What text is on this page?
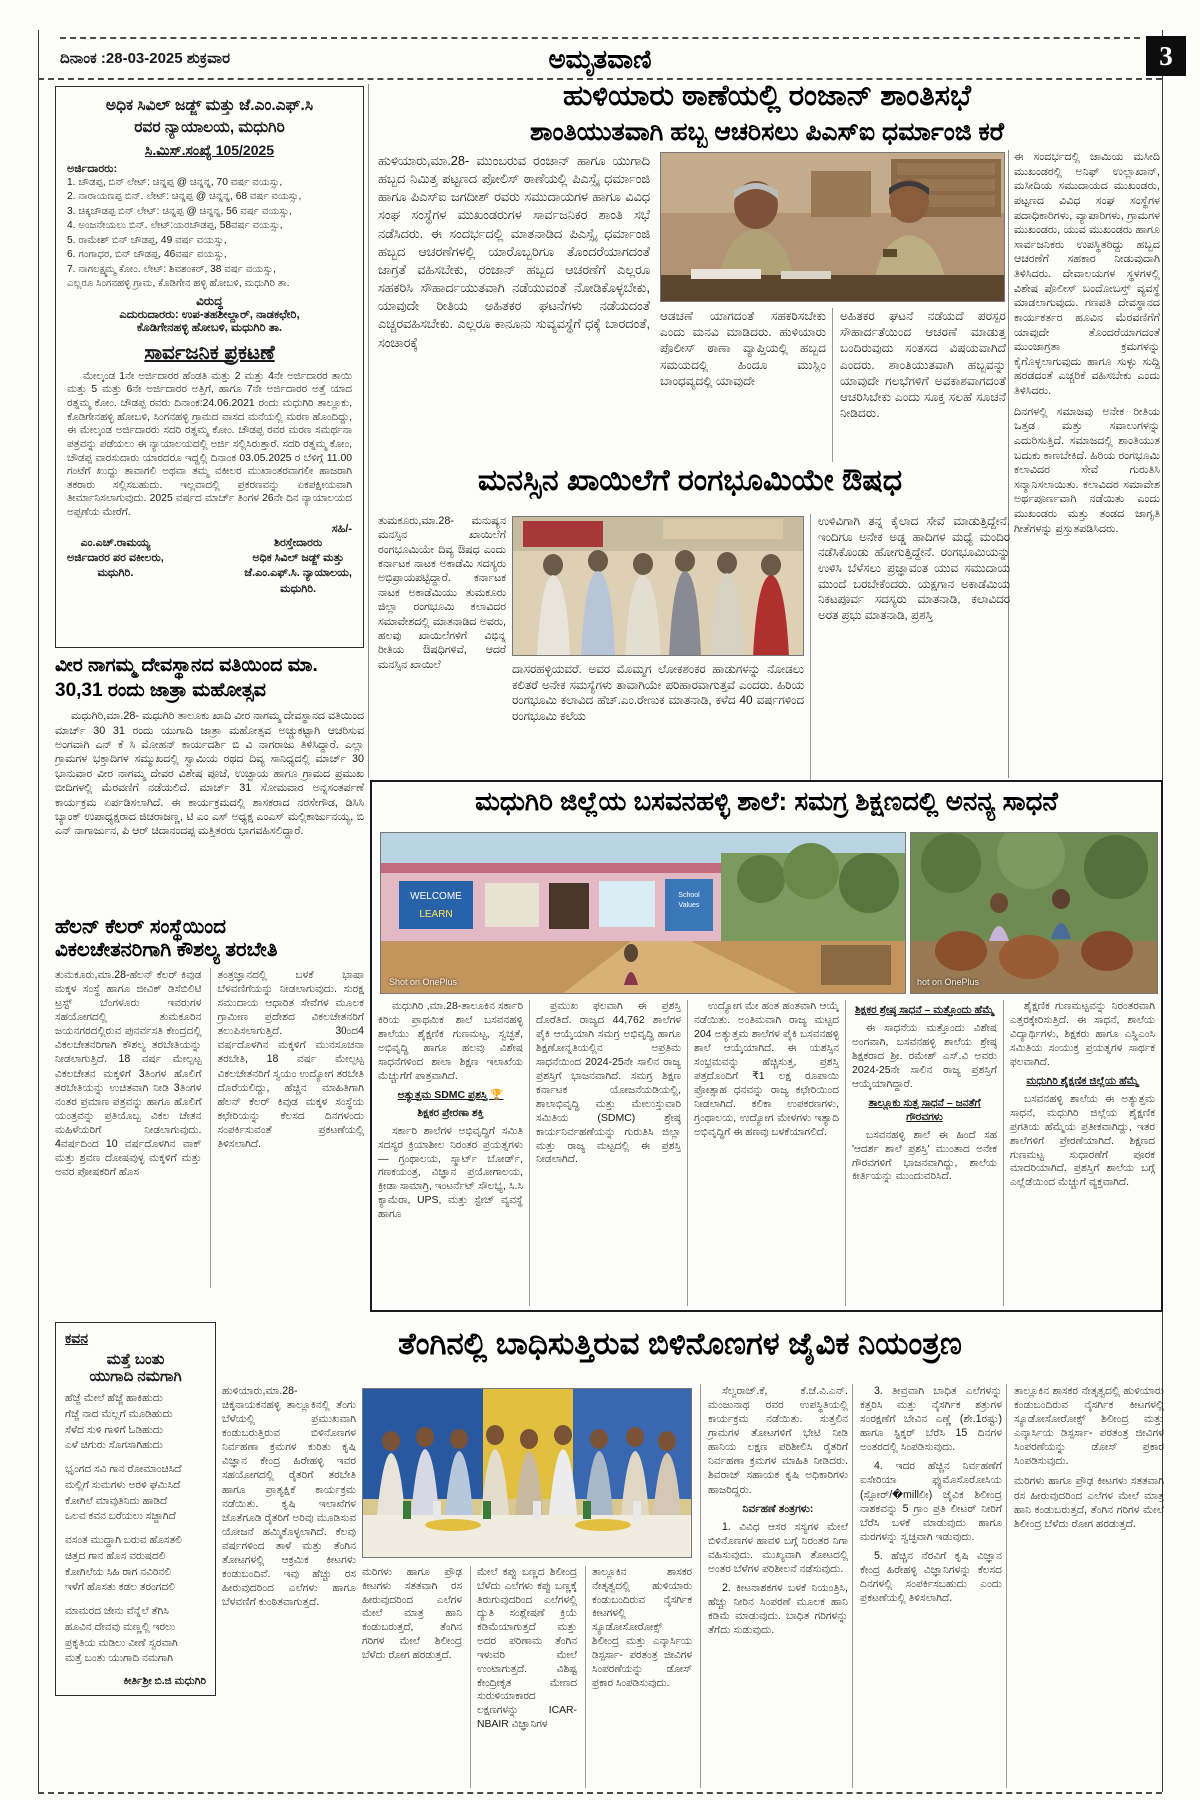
ದಿನಾಂಕ :28-03-2025 ಶುಕ್ರವಾರ	ಅಮೃತವಾಣಿ	3
ಅಧಿಕ ಸಿವಿಲ್ ಜಡ್ಜ್ ಮತ್ತು ಜೆ.ಎಂ.ಎಫ್.ಸಿ
ರವರ ನ್ಯಾಯಾಲಯ, ಮಧುಗಿರಿ
ಸಿ.ಮಿಸ್.ಸಂಖ್ಯೆ 105/2025
ಅರ್ಜಿದಾರರು:
1. ಚೌಡಪ್ಪ, ಬಿನ್ ಲೇಟ್: ಚಿನ್ನಪ್ಪ @ ಚಿನ್ನನ್ನ, 70 ವರ್ಷ ವಯಸ್ಸು,
2. ನಾರಾಯಣಪ್ಪ ಬಿನ್. ಲೇಟ್: ಚಿನ್ನಪ್ಪ @ ಚಿನ್ನನ್ನ, 68 ವರ್ಷ ವಯಸ್ಸು,
3. ಚಿಕ್ಕಚೌಡಪ್ಪ ಬಿನ್ ಲೇಟ್: ಚಿನ್ನಪ್ಪ @ ಚಿನ್ನನ್ನ, 56 ವರ್ಷ ವಯಸ್ಸು,
4. ಅಂಜನೇಯಲು ಬಿನ್. ಲೇಟ್:ಯರಚೌಡಪ್ಪ, 58ವರ್ಷ ವಯಸ್ಸು,
5. ರಾಮೇಶ್ ಬಿನ್ ಚೌಡಪ್ಪ, 49 ವರ್ಷ ವಯಸ್ಸು,
6. ಗಂಗಾಧರ, ಬಿನ್ ಚೌಡಪ್ಪ, 46ವರ್ಷ ವಯಸ್ಸು,
7. ನಾಗಲಕ್ಷ್ಮಮ್ಮ ಕೋಂ. ಲೇಟ್: ಶಿವಶಂಕರ್, 38 ವರ್ಷ ವಯಸ್ಸು,
ಎಲ್ಲರೂ ಸಿಂಗನಹಳ್ಳಿ ಗ್ರಾಮ, ಕೊಡಿಗೇನ ಹಳ್ಳಿ ಹೋಬಳಿ, ಮಧುಗಿರಿ ತಾ.
ವಿರುದ್ಧ
ಎದುರುದಾರರು: ಉಪ-ತಹಶೀಲ್ದಾರ್, ನಾಡಕಛೇರಿ,
ಕೊಡಿಗೇನಹಳ್ಳಿ ಹೋಬಳಿ, ಮಧುಗಿರಿ ತಾ.
ಸಾರ್ವಜನಿಕ ಪ್ರಕಟಣೆ
ಮೇಲ್ಕಂಡ 1ನೇ ಅರ್ಜಿದಾರರ ಹೆಂಡತಿ ಮತ್ತು 2 ಮತ್ತು 4ನೇ ಅರ್ಜಿದಾರರ ತಾಯಿ ಮತ್ತು 5 ಮತ್ತು 6ನೇ ಅರ್ಜಿದಾರರ ಅತ್ತಿಗೆ, ಹಾಗೂ 7ನೇ ಅರ್ಜಿದಾರರ ಅತ್ತೆ ಯಾದ ರತ್ನಮ್ಮ ಕೋಂ. ಚೌಡಪ್ಪ ರವರು ದಿನಾಂಕ:24.06.2021 ರಂದು ಮಧುಗಿರಿ ತಾಲ್ಲೂಕು, ಕೊಡಿಗೇನಹಳ್ಳಿ ಹೋಬಳಿ, ಸಿಂಗನಹಳ್ಳಿ ಗ್ರಾಮದ ವಾಸದ ಮನೆಯಲ್ಲಿ ಮರಣ ಹೊಂದಿದ್ದು, ಈ ಮೇಲ್ಕಂಡ ಅರ್ಜಿದಾರರು ಸದರಿ ರತ್ನಮ್ಮ ಕೋಂ. ಚೌಡಪ್ಪ ರವರ ಮರಣ ಸಮರ್ಥನಾ ಪತ್ರವನ್ನು ಪಡೆಯಲು ಈ ನ್ಯಾಯಾಲಯದಲ್ಲಿ ಅರ್ಜಿ ಸಲ್ಲಿಸಿರುತ್ತಾರೆ. ಸದರಿ ರತ್ನಮ್ಮ ಕೋಂ, ಚೌಡಪ್ಪ ವಾರಸುದಾರು ಯಾರದರೂ ಇದ್ದಲ್ಲಿ ದಿನಾಂಕ 03.05.2025 ರ ಬೆಳಿಗ್ಗೆ 11.00 ಗಂಟೆಗೆ ಖುದ್ದು ತಾವಾಗಲಿ ಅಥವಾ ತಮ್ಮ ವಕೀಲರ ಮುಖಾಂತರವಾಗಲೀ ಹಾಜರಾಗಿ ತಕರಾರು ಸಲ್ಲಿಸಬಹುದು. ಇಲ್ಲವಾದಲ್ಲಿ ಪ್ರಕರಣವನ್ನು ಏಕಪಕ್ಷೀಯವಾಗಿ ತೀರ್ಮಾನಿಸಲಾಗುವುದು. 2025 ವರ್ಷದ ಮಾರ್ಚ್ ತಿಂಗಳ 26ನೇ ದಿನ ನ್ಯಾಯಾಲಯದ ಅಪ್ಪಣೆಯ ಮೇರೆಗೆ.
ಸಹಿ/-
ಎಂ.ಎಚ್.ರಾಮಯ್ಯ
ಅರ್ಜಿದಾರರ ಪರ ವಕೀಲರು,
ಮಧುಗಿರಿ.
ಶಿರಸ್ತೇದಾರರು
ಅಧಿಕ ಸಿವಿಲ್ ಜಡ್ಜ್ ಮತ್ತು
ಜೆ.ಎಂ.ಎಫ್.ಸಿ. ನ್ಯಾಯಾಲಯ,
ಮಧುಗಿರಿ.
ವೀರ ನಾಗಮ್ಮ ದೇವಸ್ಥಾನದ ವತಿಯಿಂದ ಮಾ. 30,31 ರಂದು ಜಾತ್ರಾ ಮಹೋತ್ಸವ
ಮಧುಗಿರಿ,ಮಾ.28- ಮಧುಗಿರಿ ತಾಲೂಕು ಖಾದಿ ವೀರ ನಾಗಮ್ಮ ದೇವಸ್ಥಾನದ ವತಿಯಿಂದ ಮಾರ್ಚ್ 30 31 ರಂದು ಯುಗಾದಿ ಜಾತ್ರಾ ಮಹೋತ್ಸವ ಅಚ್ಚುಕಟ್ಟಾಗಿ ಆಚರಿಸುವ ಅಂಗವಾಗಿ ಎನ್ ಕೆ ಸಿ ಮೋಹನ್ ಕಾರ್ಯದರ್ಶಿ ಬಿ ವಿ ನಾಗರಾಜು ತಿಳಿಸಿದ್ದಾರೆ. ಎಲ್ಲಾ ಗ್ರಾಮಗಳ ಭಕ್ತಾದಿಗಳ ಸಮ್ಮುಖದಲ್ಲಿ ಸ್ವಾಮಿಯ ರಥದ ದಿವ್ಯ ಸಾನಿಧ್ಯದಲ್ಲಿ ಮಾರ್ಚ್ 30 ಭಾನುವಾರ ವೀರ ನಾಗಮ್ಮ ದೇವರ ವಿಶೇಷ ಪೂಜೆ, ಉಚ್ಛಾಯ ಹಾಗೂ ಗ್ರಾಮದ ಪ್ರಮುಖ ಬೀದಿಗಳಲ್ಲಿ ಮೆರವಣಿಗೆ ನಡೆಯಲಿದೆ. ಮಾರ್ಚ್ 31 ಸೋಮವಾರ ಅನ್ನಸಂತರ್ಪಣೆ ಕಾರ್ಯಕ್ರಮ ಏರ್ಪಡಿಸಲಾಗಿದೆ. ಈ ಕಾರ್ಯಕ್ರಮದಲ್ಲಿ ಶಾಸಕರಾದ ನರಸೇಗೌಡ, ಡಿಸಿಸಿ ಬ್ಯಾಂಕ್ ಉಪಾಧ್ಯಕ್ಷರಾದ ಜಿಚರಾಜಣ್ಣ, ಟಿ ಎಂ ಎಸ್ ಅಧ್ಯಕ್ಷ ಎಂಎಸ್ ಮಲ್ಲಿಕಾರ್ಜುನಯ್ಯ, ಬಿ ಎನ್ ನಾಗಾರ್ಜುನ, ಪಿ ಆರ್ ಚಿದಾನಂದಪ್ಪ ಮತ್ತಿತರರು ಭಾಗವಹಿಸಲಿದ್ದಾರೆ.
ಹೆಲನ್ ಕೆಲರ್ ಸಂಸ್ಥೆಯಿಂದ
ವಿಕಲಚೇತನರಿಗಾಗಿ ಕೌಶಲ್ಯ ತರಬೇತಿ
ತುಮಕೂರು,ಮಾ.28-ಹೆಲನ್ ಕೆಲರ್ ಕಿವುಡ ಮಕ್ಕಳ ಸಂಸ್ಥೆ ಹಾಗೂ ಜೀವಿಕ್ ಡಿಸೆಬಿಲಿಟಿ ಟ್ರಸ್ಟ್ ಬೆಂಗಳೂರು ಇವರುಗಳ ಸಹಯೋಗದಲ್ಲಿ ತುಮಕೂರಿನ ಜಯನಗರದಲ್ಲಿರುವ ಪುನರ್ವಸತಿ ಕೇಂದ್ರದಲ್ಲಿ ವಿಕಲಚೇತನರಿಗಾಗಿ ಕೌಶಲ್ಯ ತರಬೇತಿಯನ್ನು ನೀಡಲಾಗುತ್ತಿದೆ. 18 ವರ್ಷ ಮೇಲ್ಪಟ್ಟ ವಿಕಲಚೇತನ ಮಕ್ಕಳಿಗೆ 3ತಿಂಗಳ ಹೊಲಿಗೆ ತರಬೇತಿಯನ್ನು ಉಚಿತವಾಗಿ ನೀಡಿ 3ತಿಂಗಳ ನಂತರ ಪ್ರಮಾಣ ಪತ್ರವನ್ನು ಹಾಗೂ ಹೊಲಿಗೆ ಯಂತ್ರವನ್ನು ಪ್ರತಿಯೊಬ್ಬ ವಿಕಲ ಚೇತನ ಮಹಿಳೆಯರಿಗೆ ನೀಡಲಾಗುವುದು. 4ವರ್ಷದಿಂದ 10 ವರ್ಷದೊಳಗಿನ ವಾಕ್ ಮತ್ತು ಶ್ರವಣ ದೋಷವುಳ್ಳ ಮಕ್ಕಳಿಗೆ ಮತ್ತು ಅವರ ಪೋಷಕರಿಗೆ ಹೊಸ
ತಂತ್ರಜ್ಞಾನದಲ್ಲಿ ಬಳಕೆ ಭಾಷಾ ಬೆಳವಣಿಗೆಯನ್ನು ನೀಡಲಾಗುವುದು. ಸುರಕ್ಷ ಸಮುದಾಯ ಆಧಾರಿತ ಸೇವೆಗಳ ಮೂಲಕ ಗ್ರಾಮೀಣ ಪ್ರದೇಶದ ವಿಕಲಚೇತನರಿಗೆ ತಲುಪಿಸಲಾಗುತ್ತಿದೆ. 30ಂದ4 ವರ್ಷದೊಳಗಿನ ಮಕ್ಕಳಿಗೆ ಮುನಸೂಚನಾ ತರಬೇತಿ, 18 ವರ್ಷ ಮೇಲ್ಪಟ್ಟ ವಿಕಲಚೇತನರಿಗೆ ಸ್ವಯಂ ಉದ್ಯೋಗ ತರಬೇತಿ ದೊರೆಯಲಿದ್ದು, ಹೆಚ್ಚಿನ ಮಾಹಿತಿಗಾಗಿ ಹೆಲನ್ ಕೆಲರ್ ಕಿವುಡ ಮಕ್ಕಳ ಸಂಸ್ಥೆಯ ಕಛೇರಿಯನ್ನು ಕೆಲಸದ ದಿನಗಳಂದು ಸಂಪರ್ಕಿಸುವಂತೆ ಪ್ರಕಟಣೆಯಲ್ಲಿ ತಿಳಿಸಲಾಗಿದೆ.
ಕವನ
ಮತ್ತೆ ಬಂತು
ಯುಗಾದಿ ನಮಗಾಗಿ
ಹೆಜ್ಜೆ ಮೇಲೆ ಹೆಜ್ಜೆ ಹಾಕಿಹುದು
ಗೆಜ್ಜೆ ನಾದ ಮೆಲ್ಲಗೆ ಮೂಡಿಹುದು
ಸೆಳೆದ ಸುಳಿ ಗಾಳಿಗೆ ಓಡಿಹುದು
ಎಳೆ ಚಿಗುರು ಸೊಗಸಾಗಿಹುದು
ಭೃಂಗದ ಸವಿ ಗಾನ ರೋಮಾಂಚಿಸಿದೆ
ಮಲ್ಲಿಗೆ ಸುಮಗಳು ಅರಳಿ ಘಮಿಸಿದೆ
ಕೋಗಿಲೆ ಮಾವುತಿನಿದು ಹಾಡಿದೆ
ಒಲವ ಕವನ ಬರೆಯಲು ಸಜ್ಜಾಗಿದೆ
ವಸಂತ ಮುದ್ದಾಗಿ ಬರುವ ಹೊಸತಲಿ
ಚಿತ್ತದ ಗಾನ ಹೊಸ ವರುಷದಲಿ
ಕೋಗಿಲೆಯ ಸಿಹಿ ರಾಗ ನವಿರಿನಲಿ
ಇಳೆಗೆ ಹೊಸತು ಕಡಲ ತರಂಗದಲಿ
ಮಾಮರದ ಜೇನು ವೆನ್ನೆಲೆ ತೆಗಿಸಿ
ಹೂವಿನ ದೇವವು ಮಣ್ಣಲ್ಲಿ ಇರಲು
ಪ್ರಕೃತಿಯ ಮಡಿಲು ವೀಣೆ ಸ್ವರವಾಗಿ
ಮತ್ತೆ ಬಂತು ಯುಗಾದಿ ನಮಗಾಗಿ
ಕೀರ್ತಿಶ್ರೀ ಬಿ.ಜಿ ಮಧುಗಿರಿ
ಹುಳಿಯಾರು ಠಾಣೆಯಲ್ಲಿ ರಂಜಾನ್ ಶಾಂತಿಸಭೆ
ಶಾಂತಿಯುತವಾಗಿ ಹಬ್ಬ ಆಚರಿಸಲು ಪಿಎಸ್ಐ ಧರ್ಮಾಂಜಿ ಕರೆ
ಹುಳಿಯಾರು,ಮಾ.28- ಮುಂಬರುವ ರಂಜಾನ್ ಹಾಗೂ ಯುಗಾದಿ ಹಬ್ಬದ ನಿಮಿತ್ತ ಪಟ್ಟಣದ ಪೋಲಿಸ್ ಠಾಣೆಯಲ್ಲಿ ಪಿಎಸ್ಸೈ ಧರ್ಮಾಂಜಿ ಹಾಗೂ ಪಿಎಸ್ಐ ಜಗದೀಶ್ ರವರು ಸಮುದಾಯಗಳ ಹಾಗೂ ವಿವಿಧ ಸಂಘ ಸಂಸ್ಥೆಗಳ ಮುಖಂಡರುಗಳ ಸಾರ್ವಜನಿಕರ ಶಾಂತಿ ಸಭೆ ನಡೆಸಿದರು. ಈ ಸಂದರ್ಭದಲ್ಲಿ ಮಾತನಾಡಿದ ಪಿಎಸ್ಸೈ ಧರ್ಮಾಂಜಿ ಹಬ್ಬದ ಆಚರಣೆಗಳಲ್ಲಿ ಯಾರೊಬ್ಬರಿಗೂ ತೊಂದರೆಯಾಗದಂತೆ ಜಾಗ್ರತೆ ವಹಿಸಬೇಕು, ರಂಜಾನ್ ಹಬ್ಬದ ಆಚರಣೆಗೆ ಎಲ್ಲರೂ ಸಹಕರಿಸಿ ಸೌಹಾರ್ದಯುತವಾಗಿ ನಡೆಯುವಂತೆ ನೋಡಿಕೊಳ್ಳಬೇಕು, ಯಾವುದೇ ರೀತಿಯ ಅಹಿತಕರ ಘಟನೆಗಳು ನಡೆಯದಂತೆ ಎಚ್ಚರವಹಿಸಬೇಕು. ಎಲ್ಲರೂ ಕಾನೂನು ಸುವ್ಯವಸ್ಥೆಗೆ ಧಕ್ಕೆ ಬಾರದಂತೆ, ಸಂಚಾರಕ್ಕೆ
ಆಡಚಣೆ ಯಾಗದಂತೆ ಸಹಕರಿಸಬೇಕು ಎಂದು ಮನವಿ ಮಾಡಿದರು. ಹುಳಿಯಾರು ಪೊಲೀಸ್ ಠಾಣಾ ವ್ಯಾಪ್ತಿಯಲ್ಲಿ ಹಬ್ಬದ ಸಮಯದಲ್ಲಿ ಹಿಂದೂ ಮುಸ್ಲಿಂ ಬಾಂಧವ್ಯದಲ್ಲಿ ಯಾವುದೇ
ಅಹಿತಕರ ಘಟನೆ ನಡೆಯದೆ ಪರಸ್ಪರ ಸೌಹಾರ್ದತೆಯಿಂದ ಆಚರಣೆ ಮಾಡುತ್ತ ಬಂದಿರುವುದು ಸಂತಸದ ವಿಷಯವಾಗಿದೆ ಎಂದರು. ಶಾಂತಿಯುತವಾಗಿ ಹಬ್ಬವನ್ನು ಯಾವುದೇ ಗಲಭೆಗಳಿಗೆ ಅವಕಾಶವಾಗದಂತೆ ಆಚರಿಸಿಬೇಕು ಎಂದು ಸೂಕ್ತ ಸಲಹೆ ಸೂಚನೆ ನೀಡಿದರು.
ಈ ಸಂದರ್ಭದಲ್ಲಿ ಜಾಮಿಯ ಮಸೀದಿ ಮುಖಂಡರಲ್ಲಿ ಅನಿಫ್ ಉಲ್ಲಾಖಾನ್, ಮಸೀದಿಯ ಸಮುದಾಯದ ಮುಖಂಡರು, ಪಟ್ಟಣದ ವಿವಿಧ ಸಂಘ ಸಂಸ್ಥೆಗಳ ಪದಾಧಿಕಾರಿಗಳು, ವ್ಯಾಪಾರಿಗಳು, ಗ್ರಾಮಗಳ ಮುಖಂಡರು, ಯುವ ಮುಖಂಡರು ಹಾಗೂ ಸಾರ್ವಜನಿಕರು ಉಪಸ್ಥಿತರಿದ್ದು ಹಬ್ಬದ ಆಚರಣೆಗೆ ಸಹಕಾರ ನೀಡುವುದಾಗಿ ತಿಳಿಸಿದರು. ದೇವಾಲಯಗಳ ಸ್ಥಳಗಳಲ್ಲಿ ವಿಶೇಷ ಪೊಲೀಸ್ ಬಂದೋಬಸ್ತ್ ವ್ಯವಸ್ಥೆ ಮಾಡಲಾಗುವುದು. ಗಣಪತಿ ದೇವಸ್ಥಾನದ ಕಾರ್ಯಕರ್ತರ ಹೂವಿನ ಮೆರವಣಿಗೆಗೆ ಯಾವುದೇ ತೊಂದರೆಯಾಗದಂತೆ ಮುಂಜಾಗ್ರತಾ ಕ್ರಮಗಳನ್ನು ಕೈಗೊಳ್ಳಲಾಗುವುದು ಹಾಗೂ ಸುಳ್ಳು ಸುದ್ದಿ ಹರಡದಂತೆ ಎಚ್ಚರಿಕೆ ವಹಿಸಬೇಕು ಎಂದು ತಿಳಿಸಿದರು.
ದಿನಗಳಲ್ಲಿ ಸಮಾಜವು ಅನೇಕ ರೀತಿಯ ಒತ್ತಡ ಮತ್ತು ಸವಾಲುಗಳನ್ನು ಎದುರಿಸುತ್ತಿದೆ. ಸಮಾಜದಲ್ಲಿ ಶಾಂತಿಯುತ ಬದುಕು ಕಾಣಬೇಕಿದೆ. ಹಿರಿಯ ರಂಗಭೂಮಿ ಕಲಾವಿದರ ಸೇವೆ ಗುರುತಿಸಿ ಸನ್ಮಾನಿಸಲಾಯಿತು. ಕಲಾವಿದರ ಸಮಾವೇಶ ಅರ್ಥಪೂರ್ಣವಾಗಿ ನಡೆಯಿತು ಎಂದು ಮುಖಂಡರು ಮತ್ತು ತಂಡದ ಜಾಗೃತಿ ಗೀತೆಗಳನ್ನು ಪ್ರಸ್ತುತಪಡಿಸಿದರು.
ಮನಸ್ಸಿನ ಖಾಯಿಲೆಗೆ ರಂಗಭೂಮಿಯೇ ಔಷಧ
ತುಮಕೂರು,ಮಾ.28- ಮನುಷ್ಯನ ಮನಸ್ಸಿನ ಖಾಯಿಲೆಗೆ ರಂಗಭೂಮಿಯೇ ದಿವ್ಯ ಔಷಧ ಎಂದು ಕರ್ನಾಟಕ ನಾಟಕ ಅಕಾಡೆಮಿ ಸದಸ್ಯರು ಅಭಿಪ್ರಾಯಪಟ್ಟಿದ್ದಾರೆ. ಕರ್ನಾಟಕ ನಾಟಕ ಅಕಾಡೆಮಿಯು ತುಮಕೂರು ಜಿಲ್ಲಾ ರಂಗಭೂಮಿ ಕಲಾವಿದರ ಸಮಾವೇಶದಲ್ಲಿ ಮಾತನಾಡಿದ ಅವರು, ಹಲವು ಖಾಯಿಲೆಗಳಿಗೆ ವಿಭಿನ್ನ ರೀತಿಯ ಔಷಧಿಗಳಿವೆ, ಆದರೆ ಮನಸ್ಸಿನ ಖಾಯಿಲೆ	ದಾಸರಹಳ್ಳಿಯವರೆ. ಅವರ ಮೊಮ್ಮಗ ಲೋಕಶಂಕರ ಹಾಡುಗಳನ್ನು ನೋಡಲು ಕಲಿತರೆ ಅನೇಕ ಸಮಸ್ಯೆಗಳು ತಾವಾಗಿಯೇ ಪರಿಹಾರವಾಗುತ್ತವೆ ಎಂದರು. ಹಿರಿಯ ರಂಗಭೂಮಿ ಕಲಾವಿದ ಹೆಚ್.ಎಂ.ರೇಣುಕ ಮಾತನಾಡಿ, ಕಳೆದ 40 ವರ್ಷಗಳಿಂದ ರಂಗಭೂಮಿ ಕಲೆಯ
ಉಳಿವಿಗಾಗಿ ತನ್ನ ಕೈಲಾದ ಸೇವೆ ಮಾಡುತ್ತಿದ್ದೇನೆ. ಇಂದಿಗೂ ಅನೇಕ ಅಡ್ಡ ಹಾದಿಗಳ ಮಧ್ಯೆ ಮಂದಿರ ನಡೆಸಿಕೊಂಡು ಹೋಗುತ್ತಿದ್ದೇನೆ. ರಂಗಭೂಮಿಯನ್ನು ಉಳಿಸಿ ಬೆಳೆಸಲು ಪ್ರಜ್ಞಾವಂತ ಯುವ ಸಮುದಾಯ ಮುಂದೆ ಬರಬೇಕೆಂದರು. ಯಕ್ಷಗಾನ ಅಕಾಡೆಮಿಯ ನಿಕಟಪೂರ್ವ ಸದಸ್ಯರು ಮಾತನಾಡಿ, ಕಲಾವಿದರ ಅರತ ಪ್ರಭು ಮಾತನಾಡಿ, ಪ್ರಶಸ್ತಿ
ಮಧುಗಿರಿ ಜಿಲ್ಲೆಯ ಬಸವನಹಳ್ಳಿ ಶಾಲೆ: ಸಮಗ್ರ ಶಿಕ್ಷಣದಲ್ಲಿ ಅನನ್ಯ ಸಾಧನೆ
WELCOME
LEARN
School
Values
Shot on OnePlus	hot on OnePlus

ಮಧುಗಿರಿ ,ಮಾ.28-ತಾಲೂಕಿನ ಸರ್ಕಾರಿ ಕಿರಿಯ ಪ್ರಾಥಮಿಕ ಶಾಲೆ ಬಸವನಹಳ್ಳಿ ಶಾಲೆಯು ಶೈಕ್ಷಣಿಕ ಗುಣಮಟ್ಟ, ಸ್ವಚ್ಛತೆ, ಅಭಿವೃದ್ಧಿ ಹಾಗೂ ಹಲವು ವಿಶೇಷ ಸಾಧನೆಗಳಿಂದ ಶಾಲಾ ಶಿಕ್ಷಣ ಇಲಾಖೆಯ ಮೆಚ್ಚುಗೆಗೆ ಪಾತ್ರವಾಗಿದೆ.

ಅತ್ಯುತ್ತಮ SDMC ಪ್ರಶಸ್ತಿ 🏆
ಶಿಕ್ಷಕರ ಪ್ರೇರಣಾ ಶಕ್ತಿ

ಸರ್ಕಾರಿ ಶಾಲೆಗಳ ಅಭಿವೃದ್ಧಿಗೆ ಸಮಿತಿ ಸದಸ್ಯರ ಕ್ರಿಯಾಶೀಲ ನಿರಂತರ ಪ್ರಯತ್ನಗಳು — ಗ್ರಂಥಾಲಯ, ಸ್ಮಾರ್ಟ್ ಬೋರ್ಡ್, ಗಣಕಯಂತ್ರ, ವಿಜ್ಞಾನ ಪ್ರಯೋಗಾಲಯ, ಕ್ರೀಡಾ ಸಾಮಾಗ್ರಿ, ಇಂಟರ್ನೆಟ್ ಸೌಲಭ್ಯ, ಸಿ.ಸಿ ಕ್ಯಾಮೆರಾ, UPS, ಮತ್ತು ಸ್ಟೇಜ್ ವ್ಯವಸ್ಥೆ ಹಾಗೂ

ಪ್ರಮುಖ ಫಲವಾಗಿ ಈ ಪ್ರಶಸ್ತಿ ದೊರೆತಿದೆ. ರಾಜ್ಯದ 44,762 ಶಾಲೆಗಳ ಪೈಕಿ ಆಯ್ಕೆಯಾಗಿ ಸಮಗ್ರ ಅಭಿವೃದ್ಧಿ ಹಾಗೂ ಶಿಕ್ಷಣೋನ್ನತಿಯಲ್ಲಿನ ಅಪ್ರತಿಮ ಸಾಧನೆಯಿಂದ 2024-25ನೇ ಸಾಲಿನ ರಾಜ್ಯ ಪ್ರಶಸ್ತಿಗೆ ಭಾಜನವಾಗಿದೆ. ಸಮಗ್ರ ಶಿಕ್ಷಣ ಕರ್ನಾಟಕ ಯೋಜನೆಯಡಿಯಲ್ಲಿ, ಶಾಲಾಭಿವೃದ್ಧಿ ಮತ್ತು ಮೇಲುಸ್ತುವಾರಿ ಸಮಿತಿಯ (SDMC) ಶ್ರೇಷ್ಠ ಕಾರ್ಯನಿರ್ವಹಣೆಯನ್ನು ಗುರುತಿಸಿ ಜಿಲ್ಲಾ ಮತ್ತು ರಾಜ್ಯ ಮಟ್ಟದಲ್ಲಿ ಈ ಪ್ರಶಸ್ತಿ ನೀಡಲಾಗಿದೆ.

ಉದ್ಯೋಗ ಮೇ ಹಂತ ಹಂತವಾಗಿ ಆಯ್ಕೆ ನಡೆಯಿತು. ಅಂತಿಮವಾಗಿ ರಾಜ್ಯ ಮಟ್ಟದ 204 ಅತ್ಯುತ್ತಮ ಶಾಲೆಗಳ ಪೈಕಿ ಬಸವನಹಳ್ಳಿ ಶಾಲೆ ಆಯ್ಕೆಯಾಗಿದೆ. ಈ ಯಶಸ್ಸಿನ ಸಂಭ್ರಮವನ್ನು ಹೆಚ್ಚಿಸುತ್ತ, ಪ್ರಶಸ್ತಿ ಪತ್ರದೊಂದಿಗೆ ₹1 ಲಕ್ಷ ರೂಪಾಯಿ ಪ್ರೋತ್ಸಾಹ ಧನವನ್ನು ರಾಜ್ಯ ಕಛೇರಿಯಿಂದ ನೀಡಲಾಗಿದೆ. ಕಲಿಕಾ ಉಪಕರಣಗಳು, ಗ್ರಂಥಾಲಯ, ಉದ್ಯೋಗ ಮೇಳಗಳು ಇತ್ಯಾದಿ ಅಭಿವೃದ್ಧಿಗೆ ಈ ಹಣವು ಬಳಕೆಯಾಗಲಿದೆ.

ಶಿಕ್ಷಕರ ಶ್ರೇಷ್ಠ ಸಾಧನೆ – ಮತ್ತೊಂದು ಹೆಮ್ಮೆ

ಈ ಸಾಧನೆಯ ಮತ್ತೊಂದು ವಿಶೇಷ ಅಂಗವಾಗಿ, ಬಸವನಹಳ್ಳಿ ಶಾಲೆಯ ಶ್ರೇಷ್ಠ ಶಿಕ್ಷಕರಾದ ಶ್ರೀ. ರಮೇಶ್ ಎಸ್.ವಿ ಅವರು 2024-25ನೇ ಸಾಲಿನ ರಾಜ್ಯ ಪ್ರಶಸ್ತಿಗೆ ಆಯ್ಕೆಯಾಗಿದ್ದಾರೆ.

ತಾಲ್ಲೂಕು ಸುತ್ತ ಸಾಧನೆ – ಜನತೆಗೆ ಗೌರವಗಳು

ಬಸವನಹಳ್ಳಿ ಶಾಲೆ ಈ ಹಿಂದೆ ಸಹ 'ಆದರ್ಶ ಶಾಲೆ ಪ್ರಶಸ್ತಿ' ಮುಂತಾದ ಅನೇಕ ಗೌರವಗಳಿಗೆ ಭಾಜನವಾಗಿದ್ದು, ಶಾಲೆಯ ಕೀರ್ತಿಯನ್ನು ಮುಂದುವರಿಸಿದೆ.

ಶೈಕ್ಷಣಿಕ ಗುಣಮಟ್ಟವನ್ನು ನಿರಂತರವಾಗಿ ಎತ್ತರಕ್ಕೇರಿಸುತ್ತಿದೆ. ಈ ಸಾಧನೆ, ಶಾಲೆಯ ವಿದ್ಯಾರ್ಥಿಗಳು, ಶಿಕ್ಷಕರು ಹಾಗೂ ಎಸ್ಡಿಎಂಸಿ ಸಮಿತಿಯ ಸಂಯುಕ್ತ ಪ್ರಯತ್ನಗಳ ಸಾರ್ಥಕ ಫಲವಾಗಿದೆ.

ಮಧುಗಿರಿ ಶೈಕ್ಷಣಿಕ ಜಿಲ್ಲೆಯ ಹೆಮ್ಮೆ

ಬಸವನಹಳ್ಳಿ ಶಾಲೆಯ ಈ ಅತ್ಯುತ್ತಮ ಸಾಧನೆ, ಮಧುಗಿರಿ ಜಿಲ್ಲೆಯ ಶೈಕ್ಷಣಿಕ ಪ್ರಗತಿಯ ಹೆಮ್ಮೆಯ ಪ್ರತೀಕವಾಗಿದ್ದು, ಇತರ ಶಾಲೆಗಳಿಗೆ ಪ್ರೇರಣೆಯಾಗಿದೆ. ಶಿಕ್ಷಣದ ಗುಣಮಟ್ಟ ಸುಧಾರಣೆಗೆ ಪೂರಕ ಮಾದರಿಯಾಗಿದೆ. ಪ್ರಶಸ್ತಿಗೆ ಶಾಲೆಯ ಬಗ್ಗೆ ಎಲ್ಲೆಡೆಯಿಂದ ಮೆಚ್ಚುಗೆ ವ್ಯಕ್ತವಾಗಿದೆ.

ತೆಂಗಿನಲ್ಲಿ ಬಾಧಿಸುತ್ತಿರುವ ಬಿಳಿನೊಣಗಳ ಜೈವಿಕ ನಿಯಂತ್ರಣ
ಹುಳಿಯಾರು,ಮಾ.28- ಚಿಕ್ಕನಾಯಕನಹಳ್ಳಿ ತಾಲ್ಲೂಕಿನಲ್ಲಿ ತೆಂಗು ಬೆಳೆಯಲ್ಲಿ ಪ್ರಮುಖವಾಗಿ ಕಂಡುಬರುತ್ತಿರುವ ಬಿಳಿನೊಣಗಳ ನಿರ್ವಹಣಾ ಕ್ರಮಗಳ ಕುರಿತು ಕೃಷಿ ವಿಜ್ಞಾನ ಕೇಂದ್ರ ಹಿರೇಹಳ್ಳಿ ಇವರ ಸಹಯೋಗದಲ್ಲಿ ರೈತರಿಗೆ ತರಬೇತಿ ಹಾಗೂ ಪ್ರಾತ್ಯಕ್ಷಿಕೆ ಕಾರ್ಯಕ್ರಮ ನಡೆಯಿತು. ಕೃಷಿ ಇಲಾಖೆಗಳ ಜೊತೆಗೂಡಿ ರೈತರಿಗೆ ಅರಿವು ಮೂಡಿಸುವ ಯೋಜನೆ ಹಮ್ಮಿಕೊಳ್ಳಲಾಗಿದೆ. ಕೆಲವು ವರ್ಷಗಳಿಂದ ತಾಳೆ ಮತ್ತು ತೆಂಗಿನ ತೋಟಗಳಲ್ಲಿ ಆಕ್ರಮಿಕ ಕೀಟಗಳು ಕಂಡುಬಂದಿವೆ. ಇವು ಹೆಚ್ಚು ರಸ ಹೀರುವುದರಿಂದ ಎಲೆಗಳು ಹಾಗೂ ಬೆಳವಣಿಗೆ ಕುಂಠಿತವಾಗುತ್ತದೆ.
ಮರಿಗಳು ಹಾಗೂ ಪ್ರೌಢ ಕೀಟಗಳು ಸತತವಾಗಿ ರಸ ಹೀರುವುದರಿಂದ ಎಲೆಗಳ ಮೇಲೆ ಮಾತ್ರ ಹಾನಿ ಕಂಡುಬರುತ್ತದೆ, ತೆಂಗಿನ ಗರಿಗಳ ಮೇಲೆ ಶಿಲೀಂದ್ರ ಬೆಳೆದು ರೋಗ ಹರಡುತ್ತದೆ.
ಮೇಲೆ ಕಪ್ಪು ಬಣ್ಣದ ಶಿಲೀಂದ್ರ ಬೆಳೆದು ಎಲೆಗಳು ಕಪ್ಪು ಬಣ್ಣಕ್ಕೆ ತಿರುಗುವುದರಿಂದ ಎಲೆಗಳಲ್ಲಿ ದ್ಯುತಿ ಸಂಶ್ಲೇಷಣೆ ಕ್ರಿಯೆ ಕಡಿಮೆಯಾಗುತ್ತದೆ ಮತ್ತು ಅದರ ಪರಿಣಾಮ ತೆಂಗಿನ ಇಳುವರಿ ಮೇಲೆ ಉಂಟಾಗುತ್ತದೆ. ವಿಶಿಷ್ಟ ಕೇಂದ್ರೀಕೃತ ಮೇಣದ ಸುರುಳಿಯಾಕಾರದ ಲಕ್ಷಣಗಳನ್ನು ICAR-NBAIR ವಿಜ್ಞಾನಿಗಳ
ತಾಲ್ಲೂಕಿನ ಶಾಸಕರ ನೇತೃತ್ವದಲ್ಲಿ ಹುಳಿಯಾರು ಕಂಡುಬಂದಿರುವ ನೈಸರ್ಗಿಕ ಕೀಟಗಳಲ್ಲಿ ಸ್ಯೂಡೋಸೋರೋಕ್ಸ್ ಶಿಲೀಂದ್ರ ಮತ್ತು ಎನ್ಕಾರ್ಸಿಯ ಡಿಸ್ಪರ್ಸಾ- ಪರತಂತ್ರ ಜೀವಿಗಳ ಸಿಂಪರಣೆಯನ್ನು ಡೋಸ್ ಪ್ರಕಾರ ಸಿಂಪಡಿಸುವುದು.

ಸೆಲ್ವರಾಜ್.ಕೆ, ಕೆ.ಜೆ.ವಿ.ಎನ್. ಮಂಜುನಾಥ ರವರ ಉಪಸ್ಥಿತಿಯಲ್ಲಿ ಕಾರ್ಯಕ್ರಮ ನಡೆಯಿತು. ಸುತ್ತಲಿನ ಗ್ರಾಮಗಳ ತೋಟಗಳಿಗೆ ಭೇಟಿ ನೀಡಿ ಹಾನಿಯ ಲಕ್ಷಣ ಪರಿಶೀಲಿಸಿ ರೈತರಿಗೆ ನಿರ್ವಹಣಾ ಕ್ರಮಗಳ ಮಾಹಿತಿ ನೀಡಿದರು. ಶಿವರಾಜ್ ಸಹಾಯಕ ಕೃಷಿ ಅಧಿಕಾರಿಗಳು ಹಾಜರಿದ್ದರು.

ನಿರ್ವಹಣೆ ತಂತ್ರಗಳು:

1. ವಿವಿಧ ಆಸರ ಸಸ್ಯಗಳ ಮೇಲೆ ಬಿಳಿನೊಣಗಳ ಹಾವಳಿ ಬಗ್ಗೆ ನಿರಂತರ ನಿಗಾ ವಹಿಸುವುದು. ಮುಖ್ಯವಾಗಿ ತೋಟದಲ್ಲಿ ಅಂತರ ಬೆಳೆಗಳ ಪರಿಶೀಲನೆ ನಡೆಸುವುದು.

2. ಕೀಟನಾಶಕಗಳ ಬಳಕೆ ನಿಯಂತ್ರಿಸಿ, ಹೆಚ್ಚು ನೀರಿನ ಸಿಂಪರಣೆ ಮೂಲಕ ಹಾನಿ ಕಡಿಮೆ ಮಾಡುವುದು. ಬಾಧಿತ ಗರಿಗಳನ್ನು ತೆಗೆದು ಸುಡುವುದು.

3. ತೀವ್ರವಾಗಿ ಬಾಧಿತ ಎಲೆಗಳನ್ನು ಕತ್ತರಿಸಿ ಮತ್ತು ನೈಸರ್ಗಿಕ ಶತ್ರುಗಳ ಸಂರಕ್ಷಣೆಗೆ ಬೇವಿನ ಎಣ್ಣೆ (ಶೇ.1ರಷ್ಟು) ಹಾಗೂ ಸ್ಟಿಕ್ಕರ್ ಬೆರೆಸಿ 15 ದಿನಗಳ ಅಂತರದಲ್ಲಿ ಸಿಂಪಡಿಸುವುದು.

4. ಇದರ ಹೆಚ್ಚಿನ ನಿರ್ವಹಣೆಗೆ ಐಸೇರಿಯಾ ಫ್ಯುಮೊಸೊರೋಸಿಯ (ಸ್ಪೋರ್/�millಲೀ) ಜೈವಿಕ ಶಿಲೀಂದ್ರ ನಾಶಕವನ್ನು 5 ಗ್ರಾಂ ಪ್ರತಿ ಲೀಟರ್ ನೀರಿಗೆ ಬೆರೆಸಿ ಬಳಕೆ ಮಾಡುವುದು ಹಾಗೂ ಮರಗಳನ್ನು ಸ್ವಚ್ಛವಾಗಿ ಇಡುವುದು.

5. ಹೆಚ್ಚಿನ ನೆರವಿಗೆ ಕೃಷಿ ವಿಜ್ಞಾನ ಕೇಂದ್ರ ಹಿರೇಹಳ್ಳಿ ವಿಜ್ಞಾನಿಗಳನ್ನು ಕೆಲಸದ ದಿನಗಳಲ್ಲಿ ಸಂಪರ್ಕಿಸಬಹುದು ಎಂದು ಪ್ರಕಟಣೆಯಲ್ಲಿ ತಿಳಿಸಲಾಗಿದೆ.

ತಾಲ್ಲೂಕಿನ ಶಾಸಕರ ನೇತೃತ್ವದಲ್ಲಿ ಹುಳಿಯಾರು ಕಂಡುಬಂದಿರುವ ನೈಸರ್ಗಿಕ ಕೀಟಗಳಲ್ಲಿ ಸ್ಯೂಡೋಸೋರೋಕ್ಸ್ ಶಿಲೀಂದ್ರ ಮತ್ತು ಎನ್ಕಾರ್ಸಿಯ ಡಿಸ್ಪರ್ಸಾ- ಪರತಂತ್ರ ಜೀವಿಗಳ ಸಿಂಪರಣೆಯನ್ನು ಡೋಸ್ ಪ್ರಕಾರ ಸಿಂಪಡಿಸುವುದು.
ಮರಿಗಳು ಹಾಗೂ ಪ್ರೌಢ ಕೀಟಗಳು ಸತತವಾಗಿ ರಸ ಹೀರುವುದರಿಂದ ಎಲೆಗಳ ಮೇಲೆ ಮಾತ್ರ ಹಾನಿ ಕಂಡುಬರುತ್ತದೆ, ತೆಂಗಿನ ಗರಿಗಳ ಮೇಲೆ ಶಿಲೀಂದ್ರ ಬೆಳೆದು ರೋಗ ಹರಡುತ್ತದೆ.
